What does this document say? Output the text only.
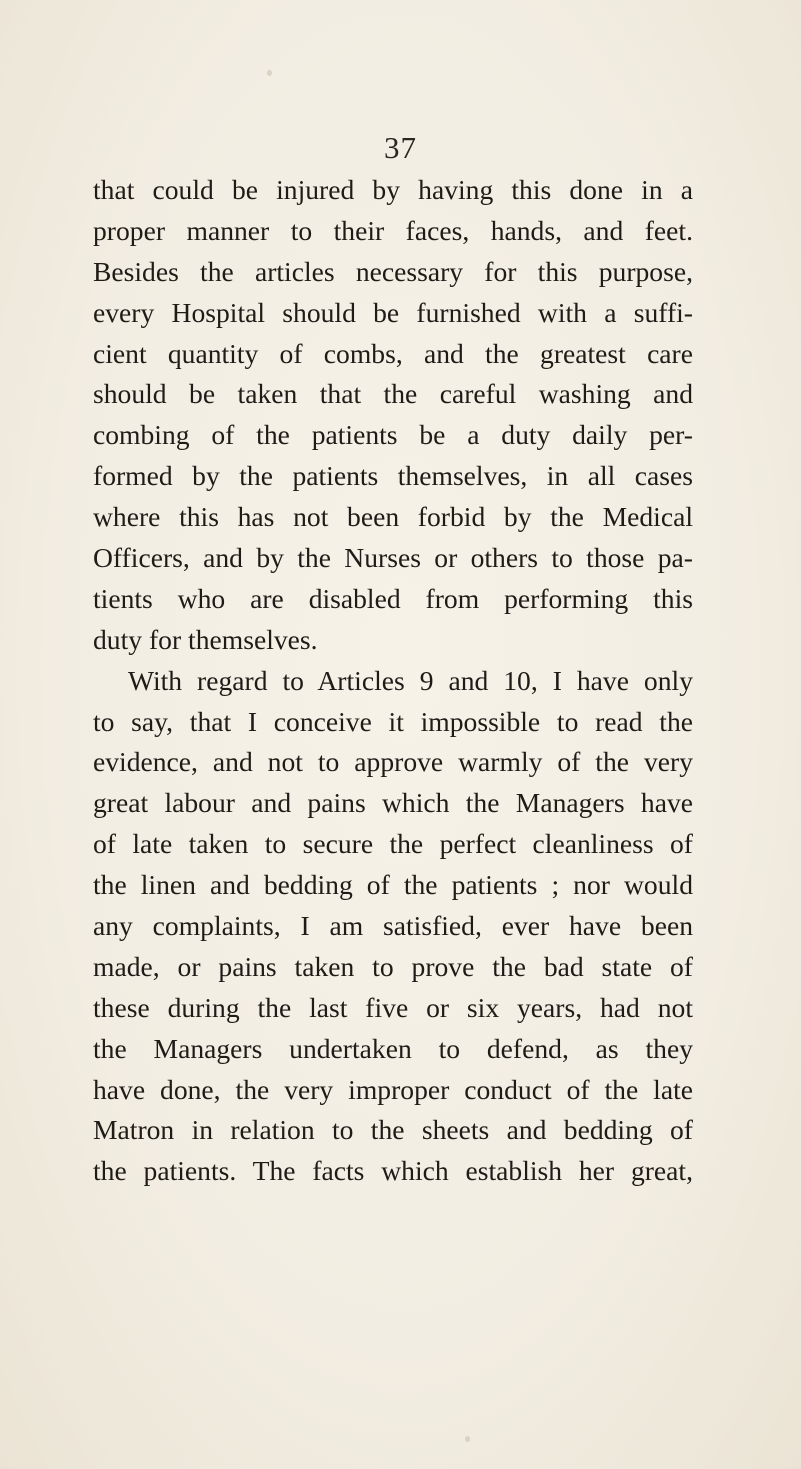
37
that could be injured by having this done in a
proper manner to their faces, hands, and feet.
Besides the articles necessary for this purpose,
every Hospital should be furnished with a suffi-
cient quantity of combs, and the greatest care
should be taken that the careful washing and
combing of the patients be a duty daily per-
formed by the patients themselves, in all cases
where this has not been forbid by the Medical
Officers, and by the Nurses or others to those pa-
tients who are disabled from performing this
duty for themselves.
With regard to Articles 9 and 10, I have only
to say, that I conceive it impossible to read the
evidence, and not to approve warmly of the very
great labour and pains which the Managers have
of late taken to secure the perfect cleanliness of
the linen and bedding of the patients ; nor would
any complaints, I am satisfied, ever have been
made, or pains taken to prove the bad state of
these during the last five or six years, had not
the Managers undertaken to defend, as they
have done, the very improper conduct of the late
Matron in relation to the sheets and bedding of
the patients. The facts which establish her great,
